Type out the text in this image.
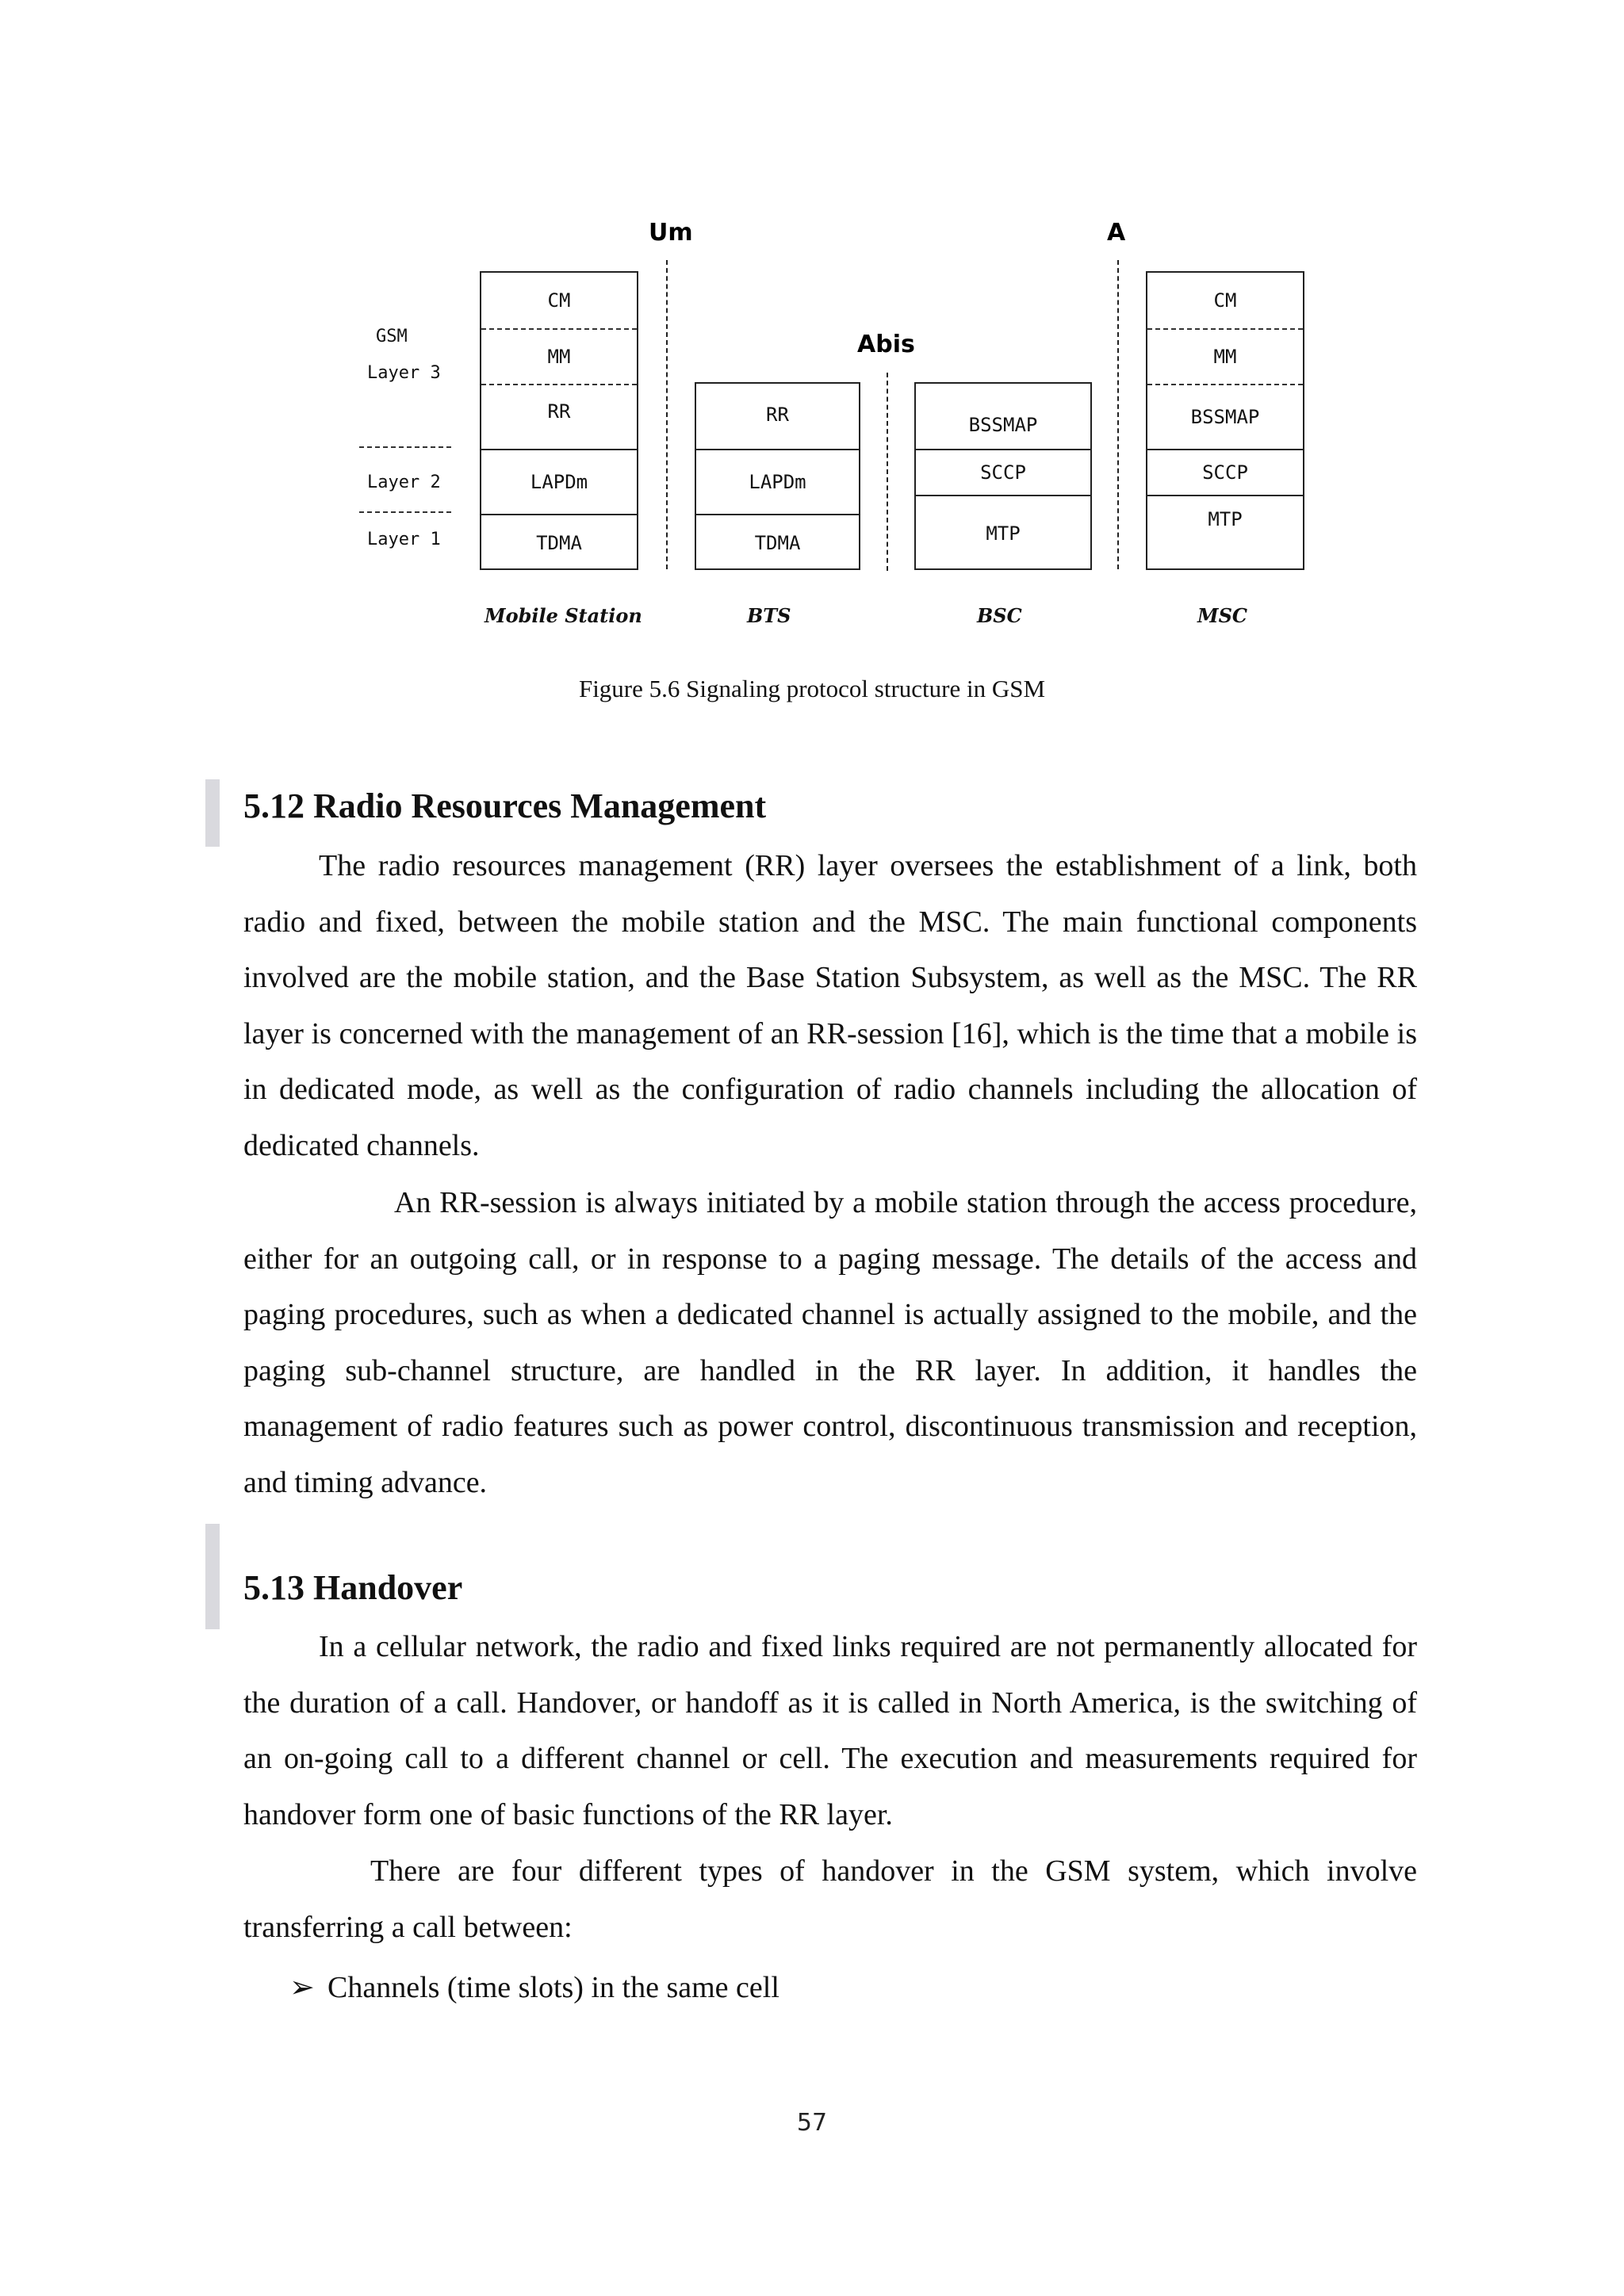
Um	A
Abis
GSM
Layer 3
Layer 2
Layer 1
CM
MM
RR
LAPDm
TDMA
RR
LAPDm
TDMA
BSSMAP
SCCP
MTP
CM
MM
BSSMAP
SCCP
MTP
Mobile Station	BTS	BSC	MSC
Figure 5.6 Signaling protocol structure in GSM
5.12 Radio Resources Management

The radio resources management (RR) layer oversees the establishment of a link, both radio and fixed, between the mobile station and the MSC. The main functional components involved are the mobile station, and the Base Station Subsystem, as well as the MSC. The RR layer is concerned with the management of an RR-session [16], which is the time that a mobile is in dedicated mode, as well as the configuration of radio channels including the allocation of dedicated channels.

An RR-session is always initiated by a mobile station through the access procedure, either for an outgoing call, or in response to a paging message. The details of the access and paging procedures, such as when a dedicated channel is actually assigned to the mobile, and the paging sub-channel structure, are handled in the RR layer. In addition, it handles the management of radio features such as power control, discontinuous transmission and reception, and timing advance.

5.13 Handover

In a cellular network, the radio and fixed links required are not permanently allocated for the duration of a call. Handover, or handoff as it is called in North America, is the switching of an on-going call to a different channel or cell. The execution and measurements required for handover form one of basic functions of the RR layer.

There are four different types of handover in the GSM system, which involve transferring a call between:

➢ Channels (time slots) in the same cell
57
